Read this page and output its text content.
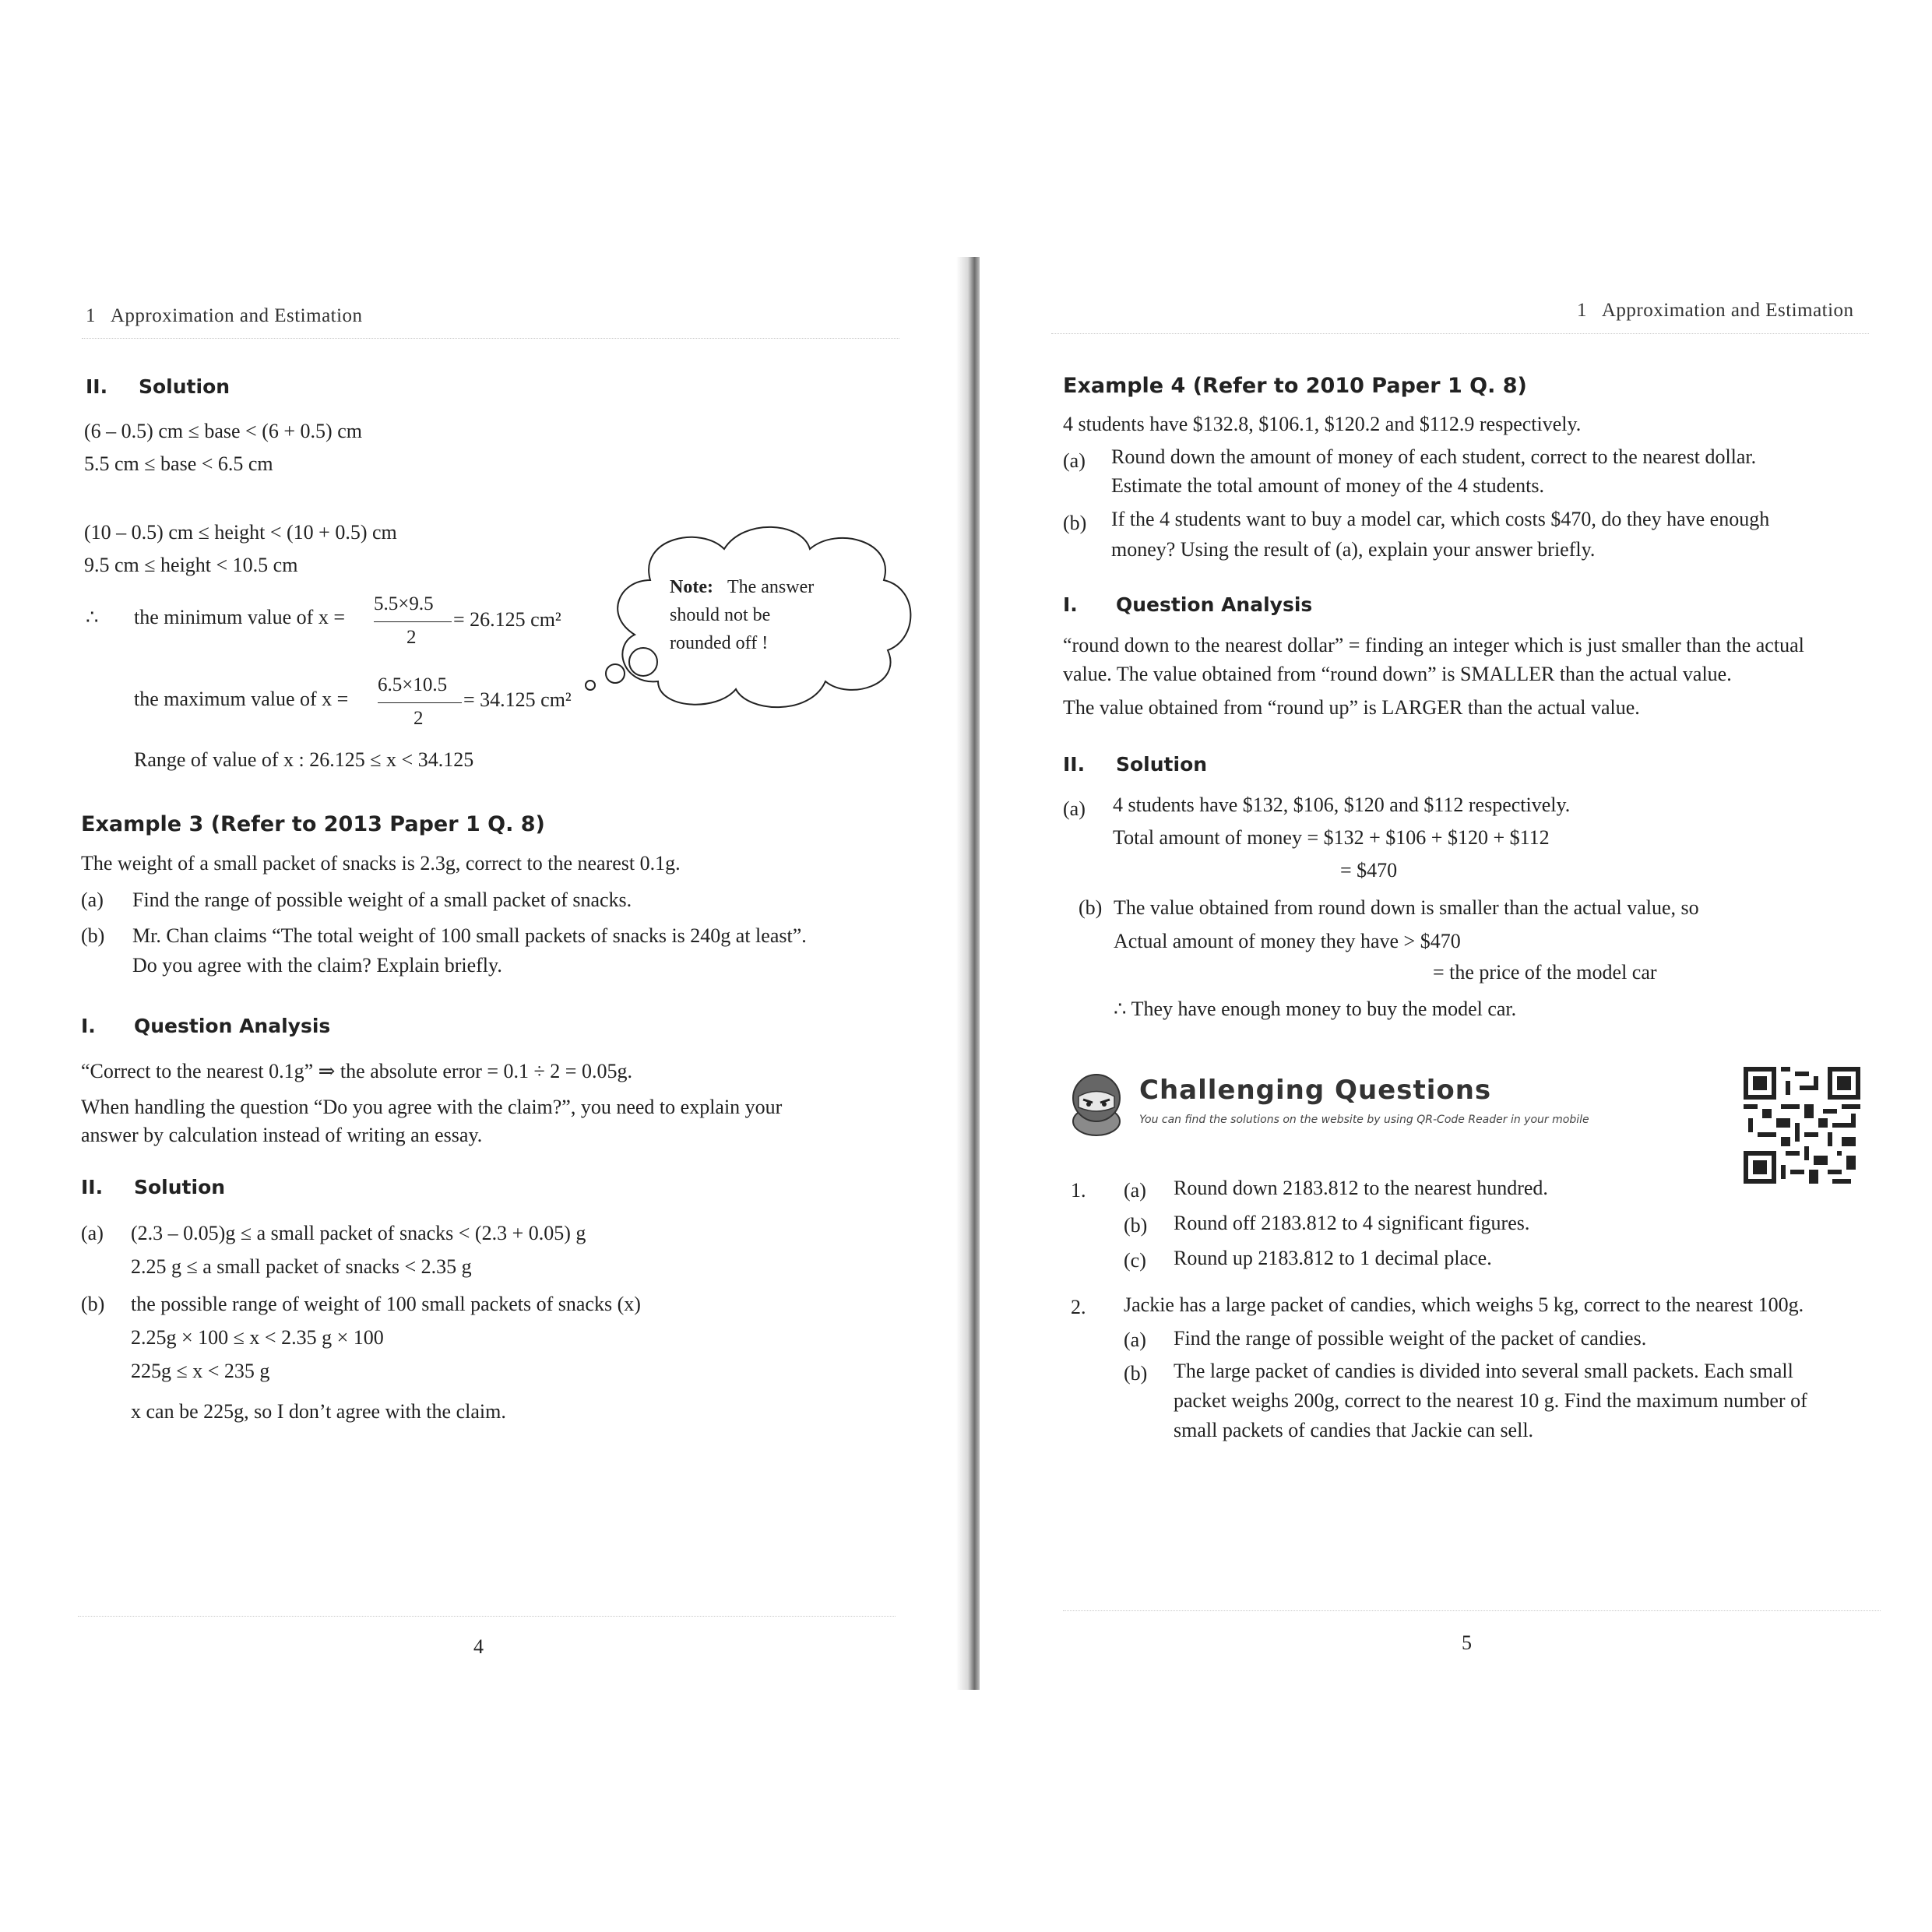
1 Approximation and Estimation
II. Solution
(6 – 0.5) cm ≤ base < (6 + 0.5) cm
5.5 cm ≤ base < 6.5 cm
(10 – 0.5) cm ≤ height < (10 + 0.5) cm
9.5 cm ≤ height < 10.5 cm
∴ the minimum value of x =
5.5×9.5
2
= 26.125 cm²
the maximum value of x =
6.5×10.5
2
= 34.125 cm²
Range of value of x : 26.125 ≤ x < 34.125
Note: The answer
should not be
rounded off !
Example 3 (Refer to 2013 Paper 1 Q. 8)
The weight of a small packet of snacks is 2.3g, correct to the nearest 0.1g.
(a) Find the range of possible weight of a small packet of snacks.
(b) Mr. Chan claims “The total weight of 100 small packets of snacks is 240g at least”.
Do you agree with the claim? Explain briefly.
I. Question Analysis
“Correct to the nearest 0.1g” ⇒ the absolute error = 0.1 ÷ 2 = 0.05g.
When handling the question “Do you agree with the claim?”, you need to explain your
answer by calculation instead of writing an essay.
II. Solution
(a) (2.3 – 0.05)g ≤ a small packet of snacks < (2.3 + 0.05) g
2.25 g ≤ a small packet of snacks < 2.35 g
(b) the possible range of weight of 100 small packets of snacks (x)
2.25g × 100 ≤ x < 2.35 g × 100
225g ≤ x < 235 g
x can be 225g, so I don’t agree with the claim.
4
1 Approximation and Estimation
Example 4 (Refer to 2010 Paper 1 Q. 8)
4 students have $132.8, $106.1, $120.2 and $112.9 respectively.
(a) Round down the amount of money of each student, correct to the nearest dollar.
Estimate the total amount of money of the 4 students.
(b) If the 4 students want to buy a model car, which costs $470, do they have enough
money? Using the result of (a), explain your answer briefly.
I. Question Analysis
“round down to the nearest dollar” = finding an integer which is just smaller than the actual
value. The value obtained from “round down” is SMALLER than the actual value.
The value obtained from “round up” is LARGER than the actual value.
II. Solution
(a) 4 students have $132, $106, $120 and $112 respectively.
Total amount of money = $132 + $106 + $120 + $112
= $470
(b) The value obtained from round down is smaller than the actual value, so
Actual amount of money they have > $470
= the price of the model car
∴ They have enough money to buy the model car.
Challenging Questions
You can find the solutions on the website by using QR-Code Reader in your mobile
1. (a) Round down 2183.812 to the nearest hundred.
(b) Round off 2183.812 to 4 significant figures.
(c) Round up 2183.812 to 1 decimal place.
2. Jackie has a large packet of candies, which weighs 5 kg, correct to the nearest 100g.
(a) Find the range of possible weight of the packet of candies.
(b) The large packet of candies is divided into several small packets. Each small
packet weighs 200g, correct to the nearest 10 g. Find the maximum number of
small packets of candies that Jackie can sell.
5
